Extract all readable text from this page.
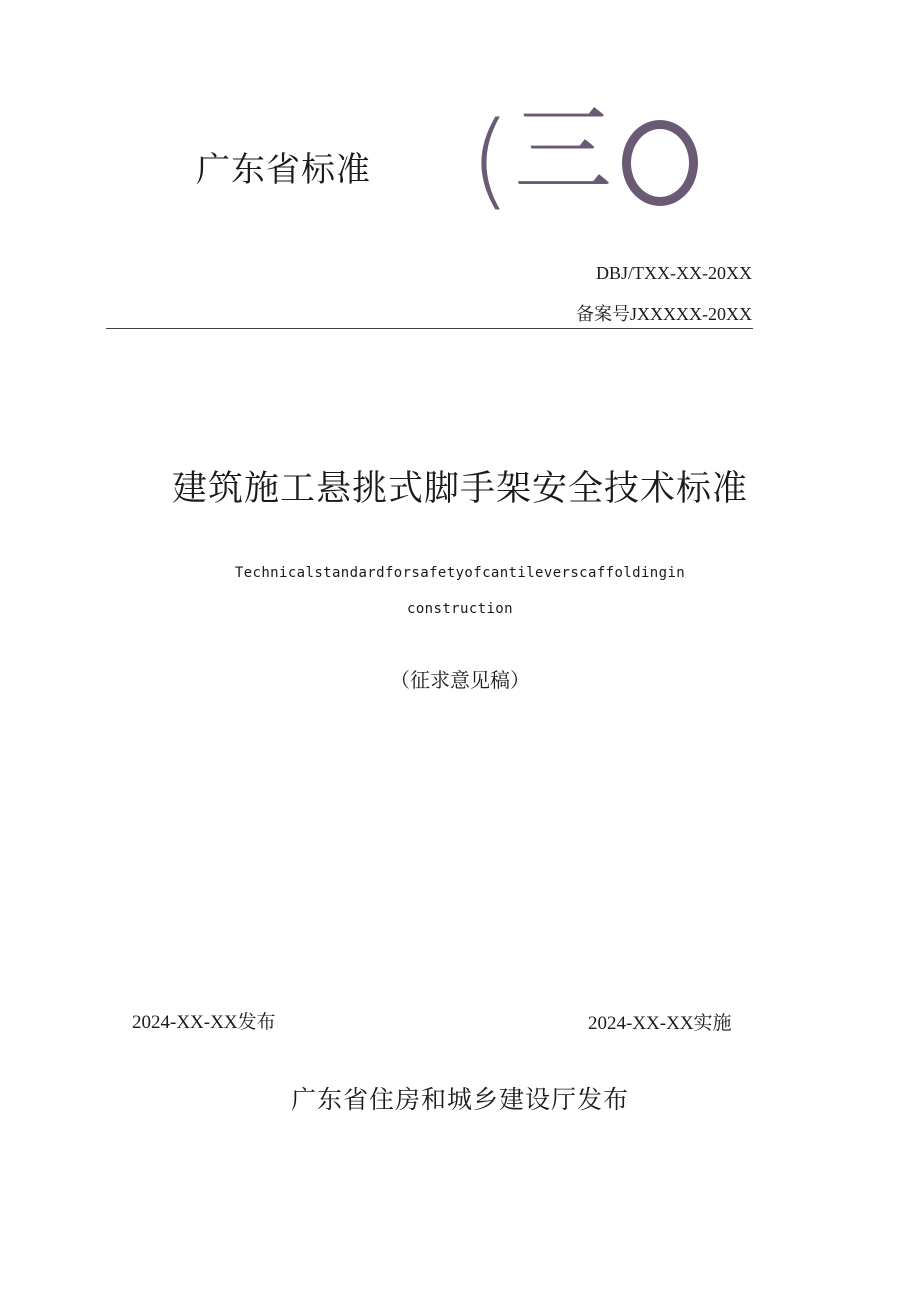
广东省标准 ( 三
DBJ/TXX-XX-20XX
备案号JXXXXX-20XX
建筑施工悬挑式脚手架安全技术标准
Technicalstandardforsafetyofcantileverscaffoldingin
construction
（征求意见稿）
2024-XX-XX发布	2024-XX-XX实施
广东省住房和城乡建设厅发布
